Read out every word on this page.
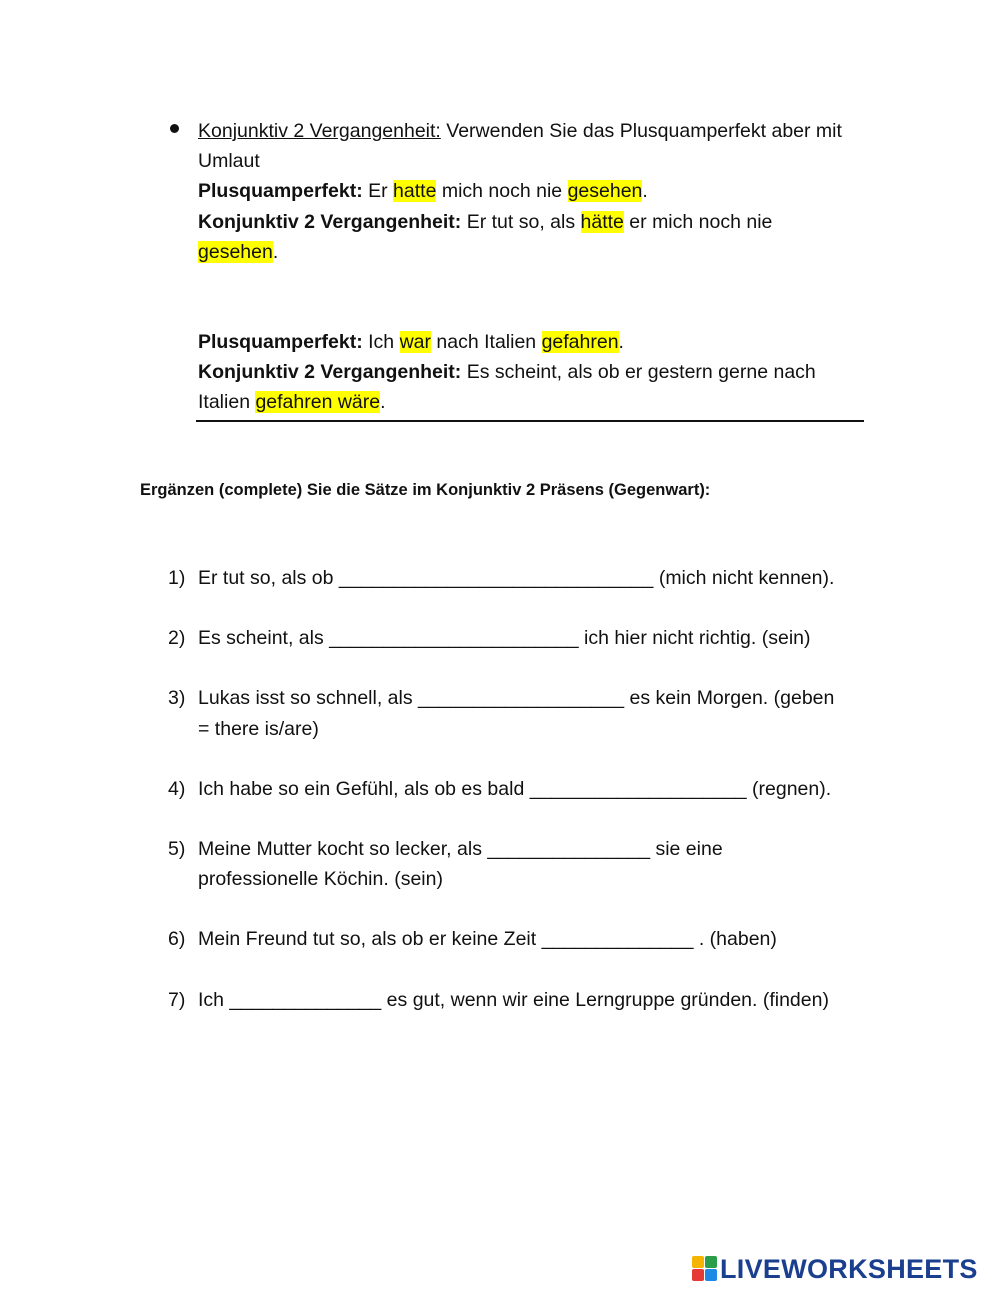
Konjunktiv 2 Vergangenheit: Verwenden Sie das Plusquamperfekt aber mit Umlaut

Plusquamperfekt: Er hatte mich noch nie gesehen.

Konjunktiv 2 Vergangenheit: Er tut so, als hätte er mich noch nie gesehen.

Plusquamperfekt: Ich war nach Italien gefahren.

Konjunktiv 2 Vergangenheit: Es scheint, als ob er gestern gerne nach Italien gefahren wäre.

Ergänzen (complete) Sie die Sätze im Konjunktiv 2 Präsens (Gegenwart):
1) Er tut so, als ob _____________________________ (mich nicht kennen).
2) Es scheint, als _______________________ ich hier nicht richtig. (sein)
3) Lukas isst so schnell, als ___________________ es kein Morgen. (geben = there is/are)
4) Ich habe so ein Gefühl, als ob es bald ____________________ (regnen).
5) Meine Mutter kocht so lecker, als _______________ sie eine professionelle Köchin. (sein)
6) Mein Freund tut so, als ob er keine Zeit ______________ . (haben)
7) Ich ______________ es gut, wenn wir eine Lerngruppe gründen. (finden)
LIVEWORKSHEETS
